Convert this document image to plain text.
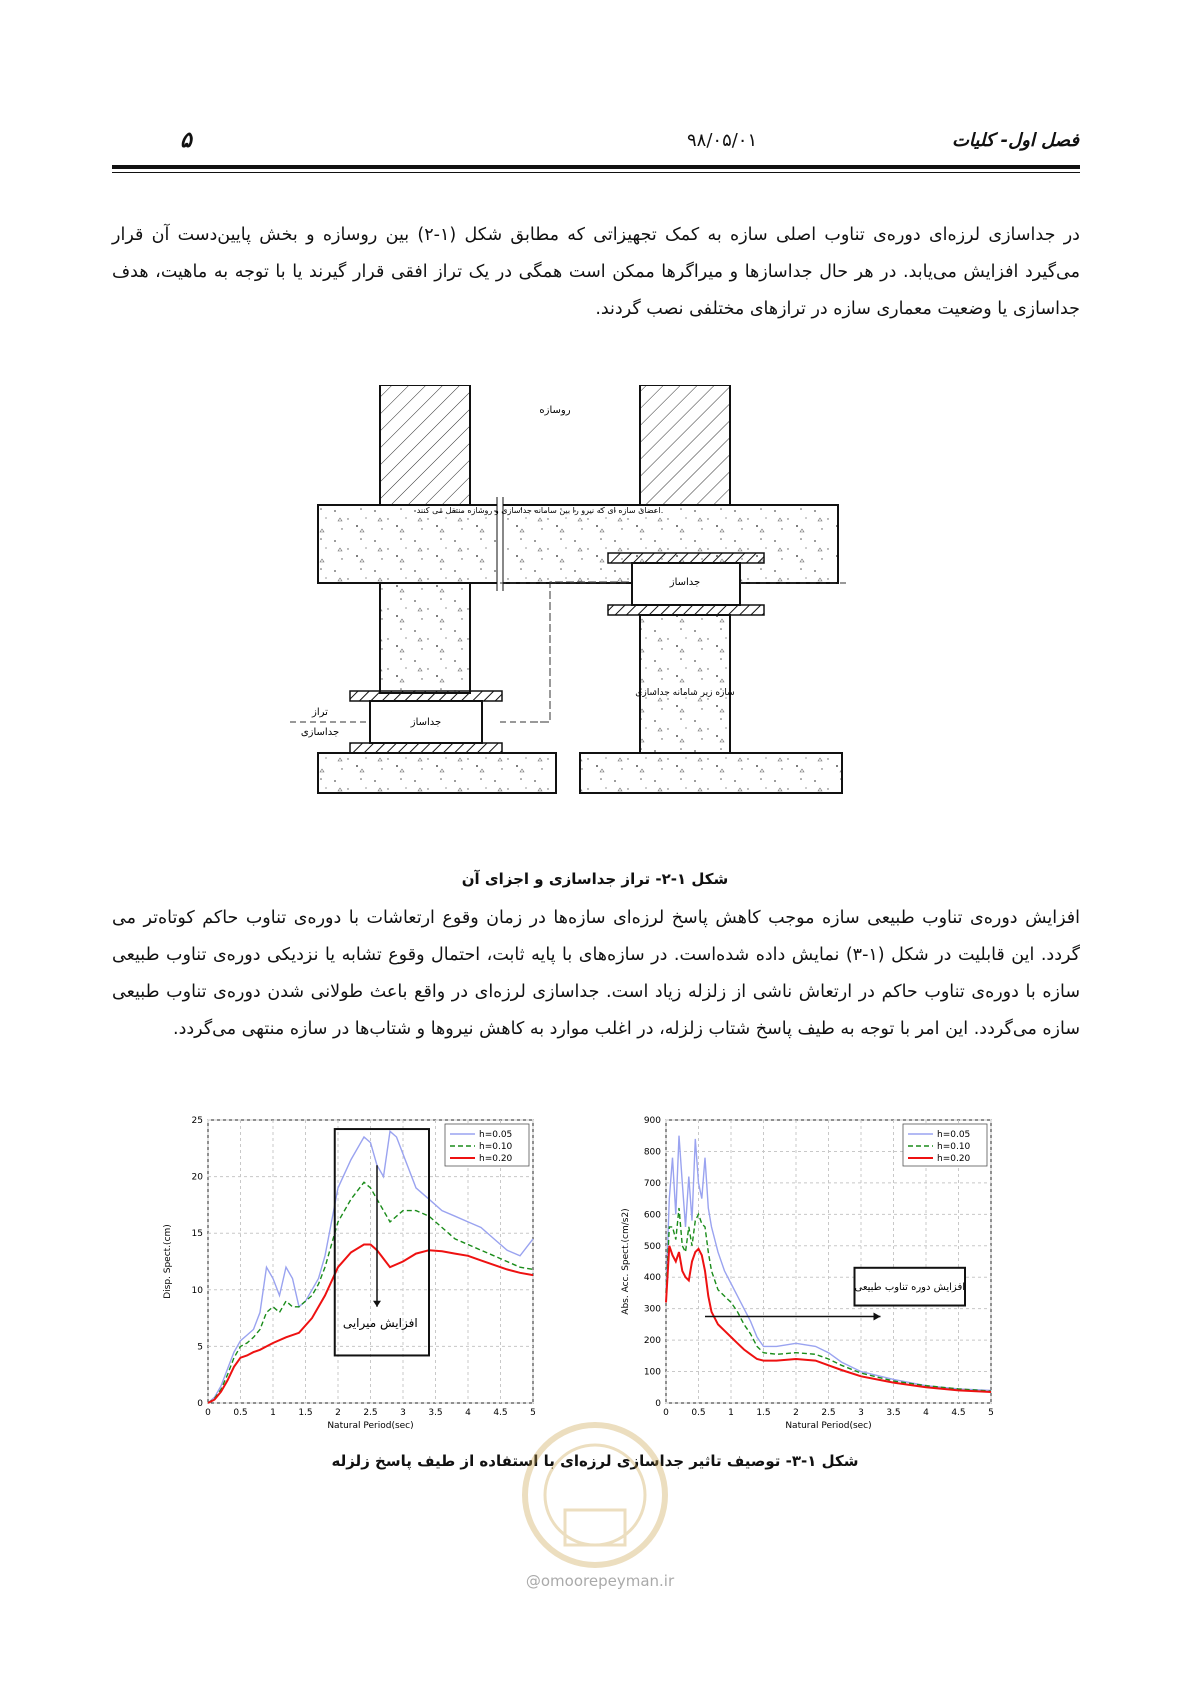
۵	۹۸/۰۵/۰۱	فصل اول- کلیات
در جداسازی لرزه‌ای دوره‌ی تناوب اصلی سازه به کمک تجهیزاتی که مطابق شکل (۱-۲) بین روسازه و بخش پایین‌دست آن قرار می‌گیرد افزایش می‌یابد. در هر حال جداسازها و میراگرها ممکن است همگی در یک تراز افقی قرار گیرند یا با توجه به ماهیت، هدف جداسازی یا وضعیت معماری سازه در ترازهای مختلفی نصب گردند.
روسازه
اعضای سازه ای که نیرو را بین سامانه جداسازی و روسازه منتقل می کنند.
جداساز
جداساز
سازه زیر سامانه جداسازی
تراز
جداسازی
شکل ۱-۲- تراز جداسازی و اجزای آن
افزایش دوره‌ی تناوب طبیعی سازه موجب کاهش پاسخ لرزه‌ای سازه‌ها در زمان وقوع ارتعاشات با دوره‌ی تناوب حاکم کوتاه‌تر می گردد. این قابلیت در شکل (۱-۳) نمایش داده شده‌است. در سازه‌های با پایه ثابت، احتمال وقوع تشابه یا نزدیکی دوره‌ی تناوب طبیعی سازه با دوره‌ی تناوب حاکم در ارتعاش ناشی از زلزله زیاد است. جداسازی لرزه‌ای در واقع باعث طولانی شدن دوره‌ی تناوب طبیعی سازه می‌گردد. این امر با توجه به طیف پاسخ شتاب زلزله، در اغلب موارد به کاهش نیروها و شتاب‌ها در سازه منتهی می‌گردد.
0 0.5 1 1.5 2 2.5 3 3.5 4 4.5 5
0
5
10
15
20
25
Natural Period(sec)
Disp. Spect.(cm)
h=0.05
h=0.10
h=0.20
افزایش میرایی
0 0.5 1 1.5 2 2.5 3 3.5 4 4.5 5
0
100
200
300
400
500
600
700
800
900
Natural Period(sec)
Abs. Acc. Spect.(cm/s2)
h=0.05
h=0.10
h=0.20
افزایش دوره تناوب طبیعی
شکل ۱-۳- توصیف تاثیر جداسازی لرزه‌ای با استفاده از طیف پاسخ زلزله
@omoorepeyman.ir
